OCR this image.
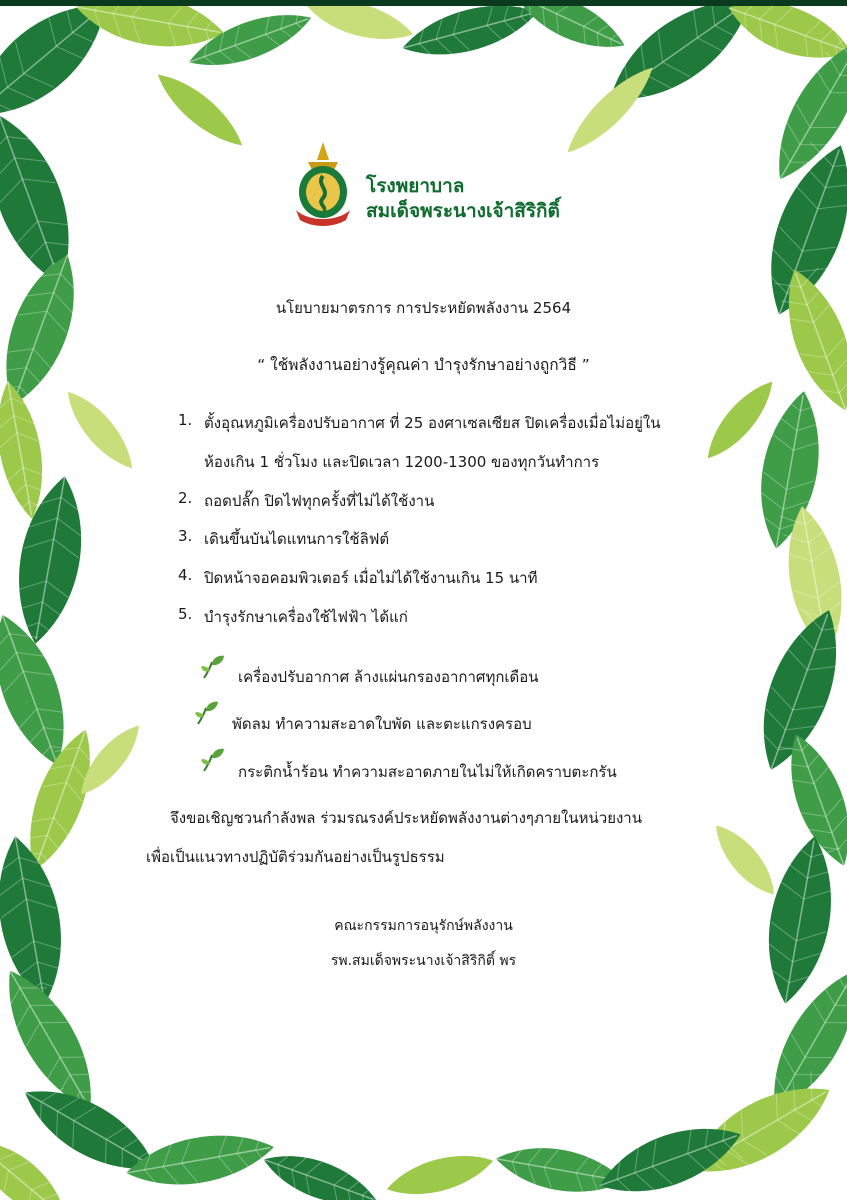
โรงพยาบาล
สมเด็จพระนางเจ้าสิริกิติ์
นโยบายมาตรการ การประหยัดพลังงาน 2564
“ ใช้พลังงานอย่างรู้คุณค่า บำรุงรักษาอย่างถูกวิธี ”
1. ตั้งอุณหภูมิเครื่องปรับอากาศ ที่ 25 องศาเซลเซียส ปิดเครื่องเมื่อไม่อยู่ใน
ห้องเกิน 1 ชั่วโมง และปิดเวลา 1200-1300 ของทุกวันทำการ
2. ถอดปลั๊ก ปิดไฟทุกครั้งที่ไม่ได้ใช้งาน
3. เดินขึ้นบันไดแทนการใช้ลิฟต์
4. ปิดหน้าจอคอมพิวเตอร์ เมื่อไม่ได้ใช้งานเกิน 15 นาที
5. บำรุงรักษาเครื่องใช้ไฟฟ้า ได้แก่
เครื่องปรับอากาศ ล้างแผ่นกรองอากาศทุกเดือน
พัดลม ทำความสะอาดใบพัด และตะแกรงครอบ
กระติกน้ำร้อน ทำความสะอาดภายในไม่ให้เกิดคราบตะกรัน
จึงขอเชิญชวนกำลังพล ร่วมรณรงค์ประหยัดพลังงานต่างๆภายในหน่วยงาน
เพื่อเป็นแนวทางปฏิบัติร่วมกันอย่างเป็นรูปธรรม
คณะกรรมการอนุรักษ์พลังงาน
รพ.สมเด็จพระนางเจ้าสิริกิติ์ พร
